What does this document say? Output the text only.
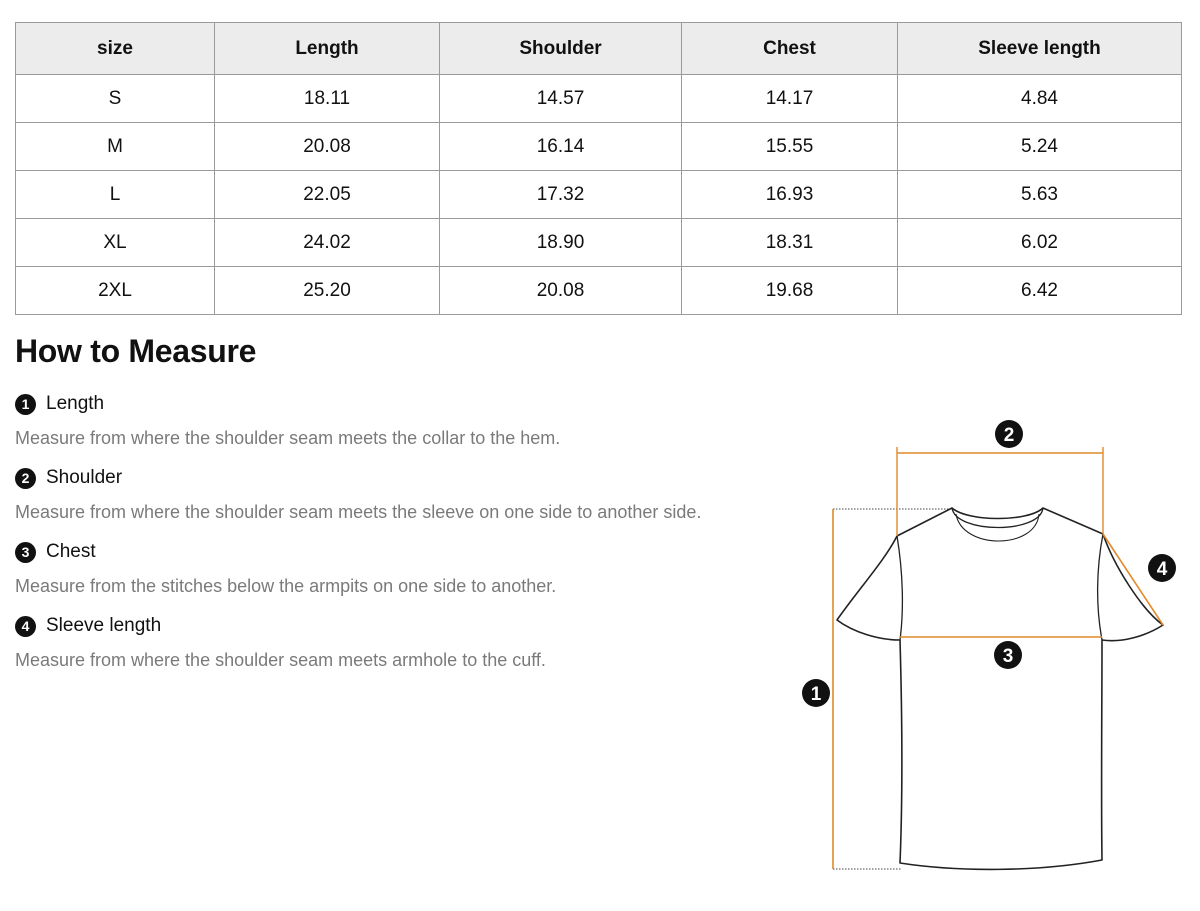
size	Length	Shoulder	Chest	Sleeve length
S	18.11	14.57	14.17	4.84
M	20.08	16.14	15.55	5.24
L	22.05	17.32	16.93	5.63
XL	24.02	18.90	18.31	6.02
2XL	25.20	20.08	19.68	6.42
How to Measure
1 Length
Measure from where the shoulder seam meets the collar to the hem.
2 Shoulder
Measure from where the shoulder seam meets the sleeve on one side to another side.
3 Chest
Measure from the stitches below the armpits on one side to another.
4 Sleeve length
Measure from where the shoulder seam meets armhole to the cuff.
1
2
3
4
